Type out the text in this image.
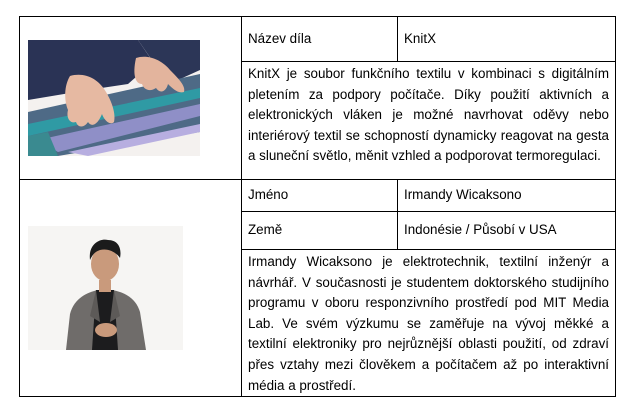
	Název díla	KnitX
	KnitX je soubor funkčního textilu v kombinaci s digitálním pletením za podpory počítače. Díky použití aktivních a elektronických vláken je možné navrhovat oděvy nebo interiérový textil se schopností dynamicky reagovat na gesta a sluneční světlo, měnit vzhled a podporovat termoregulaci.	

	Jméno	Irmandy Wicaksono
	Země	Indonésie / Působí v USA
	Irmandy Wicaksono je elektrotechnik, textilní inženýr a návrhář. V současnosti je studentem doktorského studijního programu v oboru responzivního prostředí pod MIT Media Lab. Ve svém výzkumu se zaměřuje na vývoj měkké a textilní elektroniky pro nejrůznější oblasti použití, od zdraví přes vztahy mezi člověkem a počítačem až po interaktivní média a prostředí.	
